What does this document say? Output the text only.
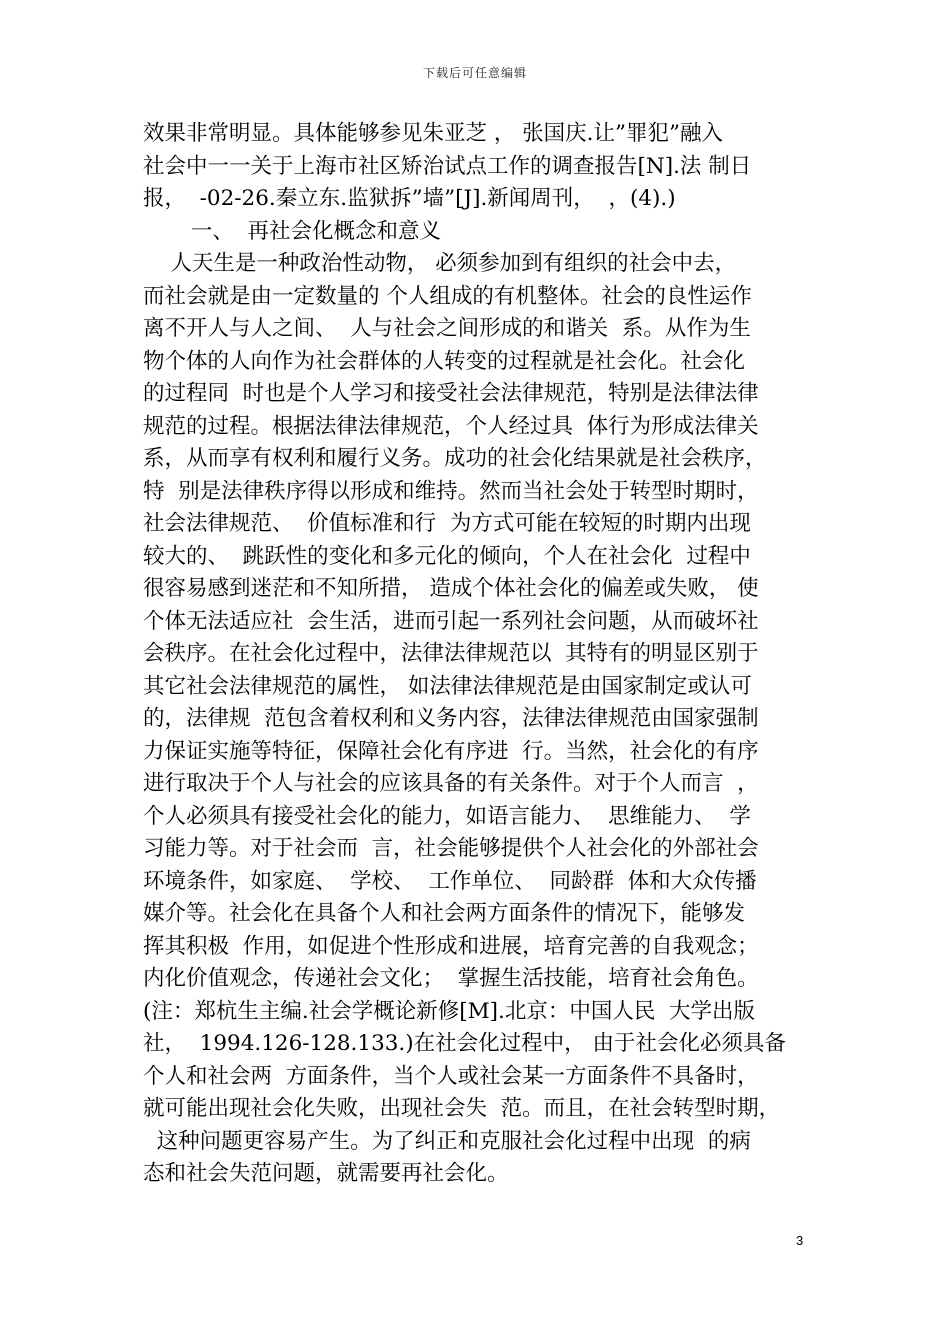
下载后可任意编辑
效果非常明显。具体能够参见朱亚芝 ， 张国庆.让”罪犯”融入
社会中一一关于上海市社区矫治试点工作的调查报告[N].法 制日
报，  -02-26.秦立东.监狱拆”墙”[J].新闻周刊，  ，(4).)
一、  再社会化概念和意义
人天生是一种政治性动物， 必须参加到有组织的社会中去，
而社会就是由一定数量的 个人组成的有机整体。社会的良性运作
离不开人与人之间、  人与社会之间形成的和谐关  系。从作为生
物个体的人向作为社会群体的人转变的过程就是社会化。社会化
的过程同  时也是个人学习和接受社会法律规范，特别是法律法律
规范的过程。根据法律法律规范，个人经过具  体行为形成法律关
系，从而享有权利和履行义务。成功的社会化结果就是社会秩序，
特  别是法律秩序得以形成和维持。然而当社会处于转型时期时，
社会法律规范、  价值标准和行  为方式可能在较短的时期内出现
较大的、  跳跃性的变化和多元化的倾向，个人在社会化  过程中
很容易感到迷茫和不知所措， 造成个体社会化的偏差或失败， 使
个体无法适应社  会生活，进而引起一系列社会问题，从而破坏社
会秩序。在社会化过程中，法律法律规范以  其特有的明显区别于
其它社会法律规范的属性， 如法律法律规范是由国家制定或认可
的，法律规  范包含着权利和义务内容，法律法律规范由国家强制
力保证实施等特征，保障社会化有序进  行。当然，社会化的有序
进行取决于个人与社会的应该具备的有关条件。对于个人而言  ，
个人必须具有接受社会化的能力，如语言能力、  思维能力、  学
习能力等。对于社会而  言，社会能够提供个人社会化的外部社会
环境条件，如家庭、  学校、  工作单位、  同龄群  体和大众传播
媒介等。社会化在具备个人和社会两方面条件的情况下，能够发
挥其积极  作用，如促进个性形成和进展，培育完善的自我观念；
内化价值观念，传递社会文化；  掌握生活技能，培育社会角色。
(注：郑杭生主编.社会学概论新修[M].北京：中国人民  大学出版
社，  1994.126-128.133.)在社会化过程中， 由于社会化必须具备
个人和社会两  方面条件，当个人或社会某一方面条件不具备时，
就可能出现社会化失败，出现社会失  范。而且，在社会转型时期，
这种问题更容易产生。为了纠正和克服社会化过程中出现  的病
态和社会失范问题，就需要再社会化。
3
